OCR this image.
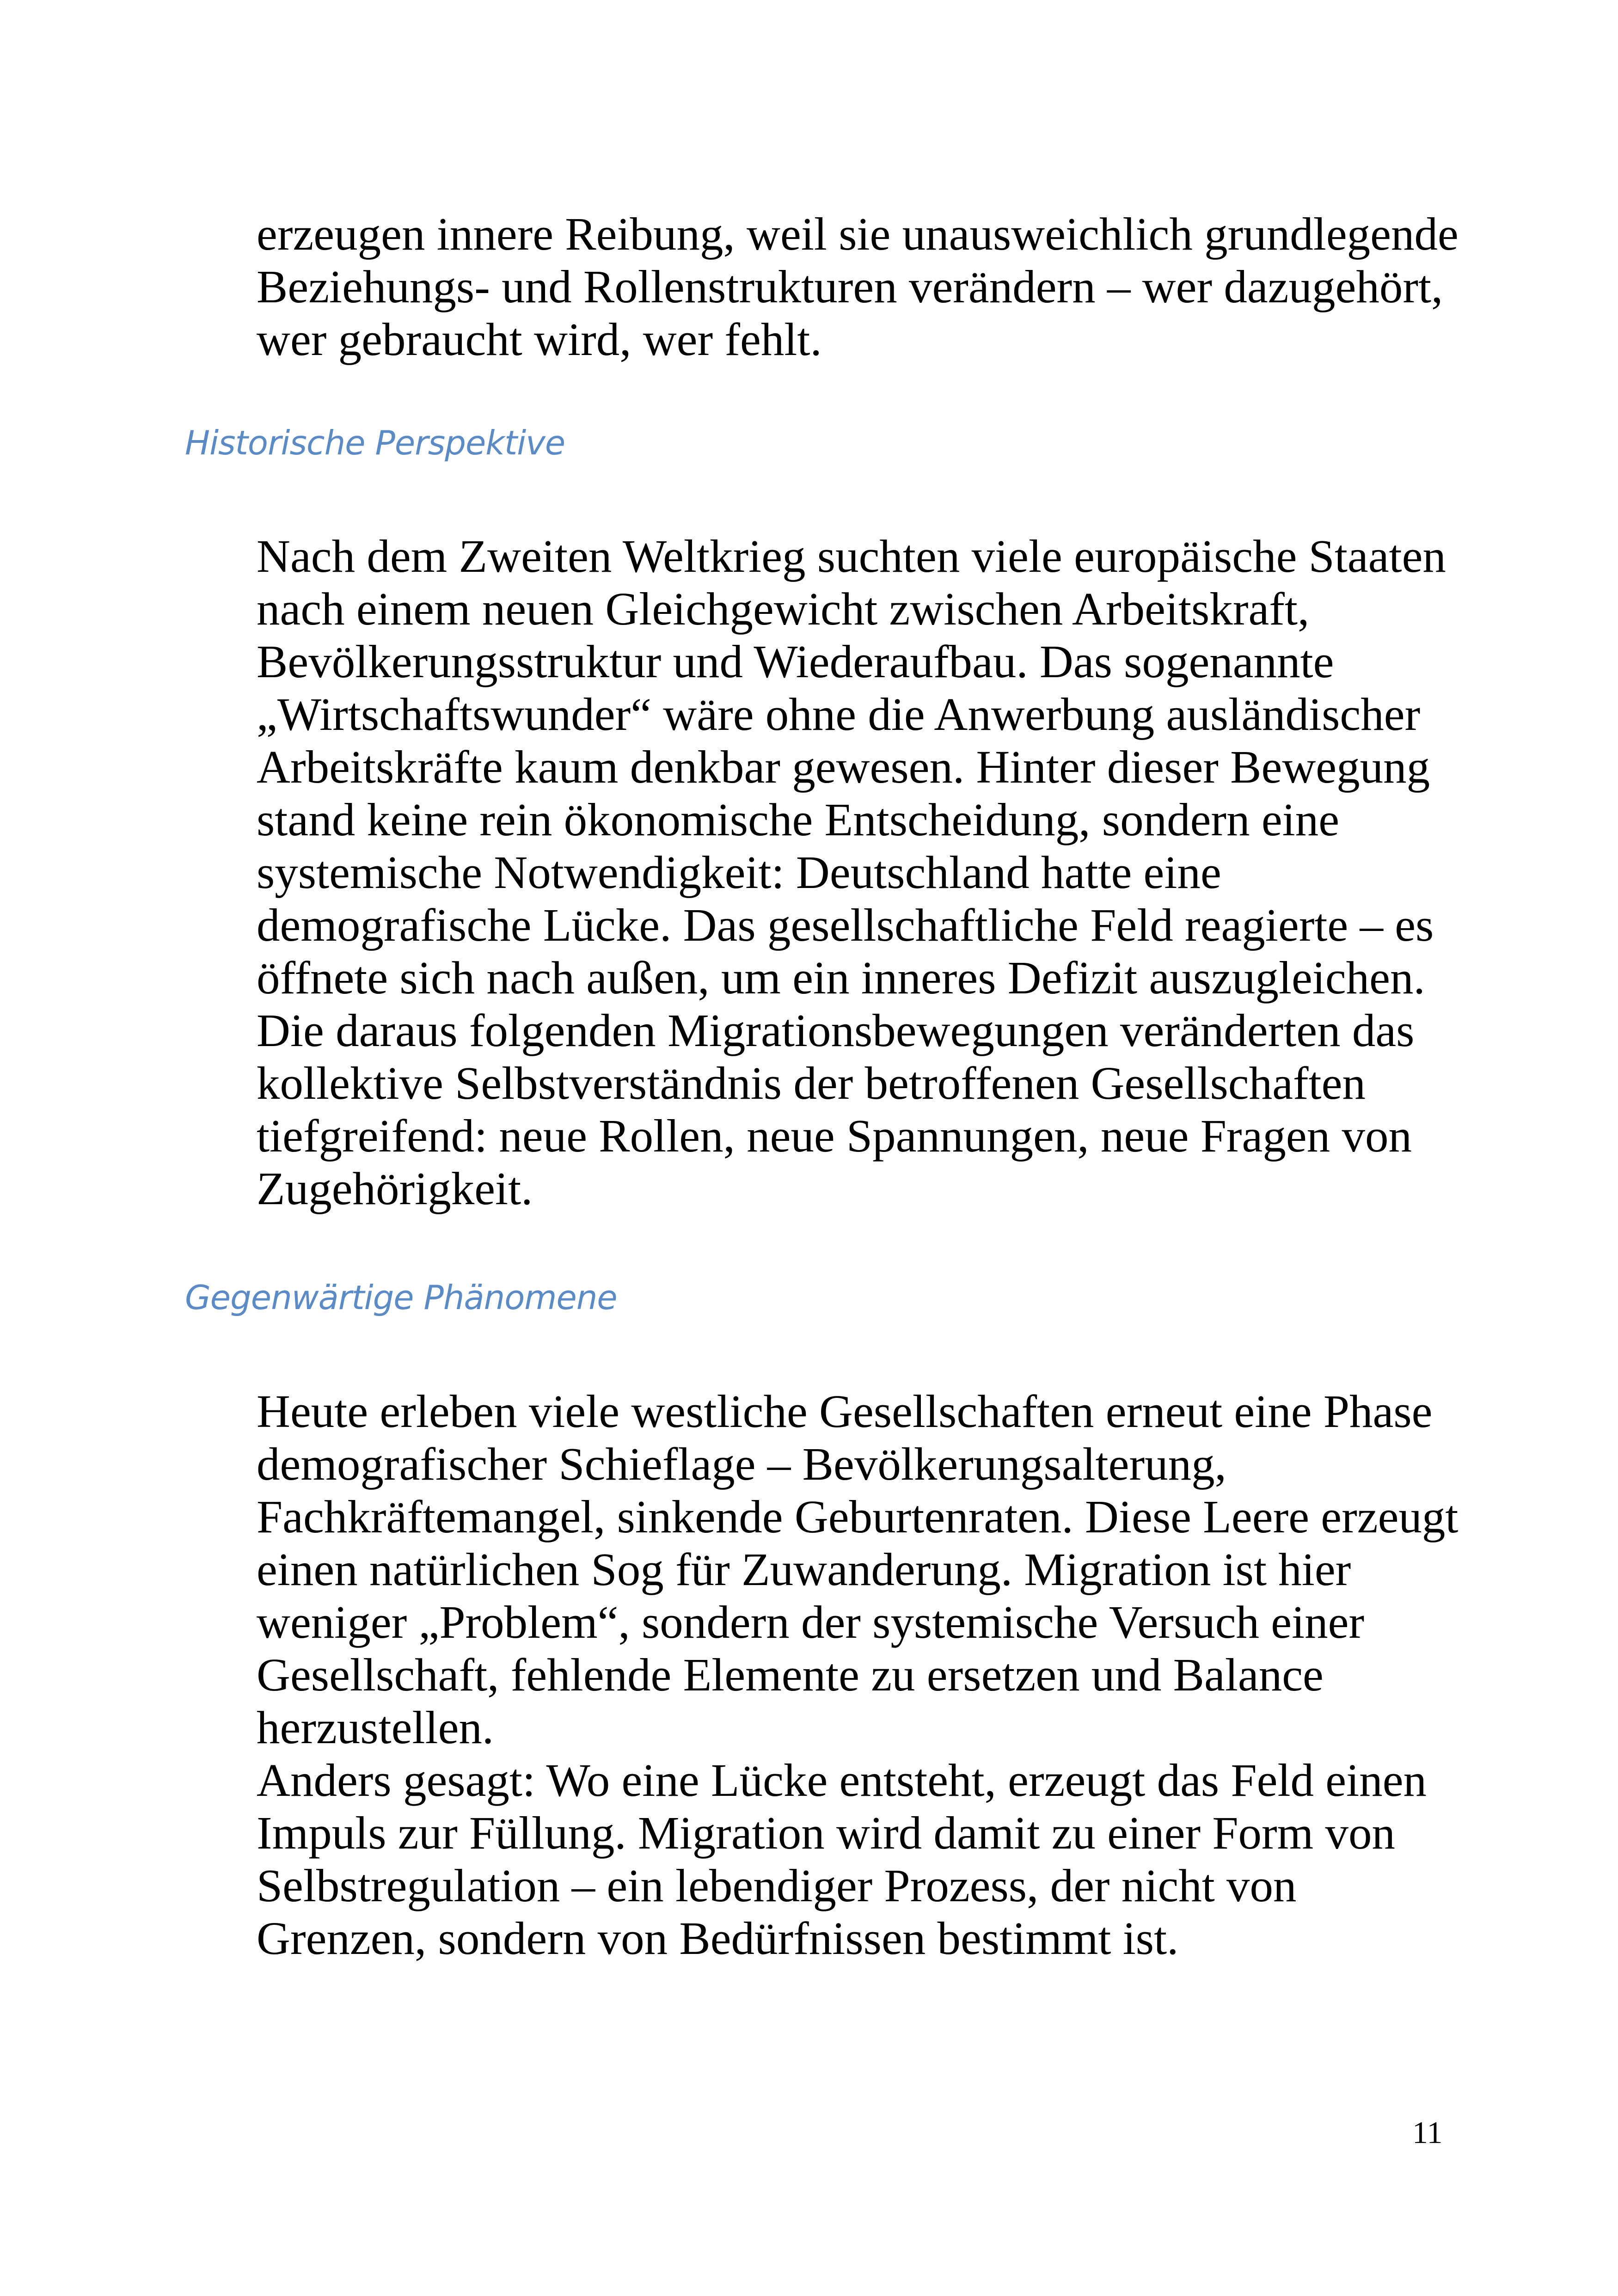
erzeugen innere Reibung, weil sie unausweichlich grundlegende
Beziehungs- und Rollenstrukturen verändern – wer dazugehört,
wer gebraucht wird, wer fehlt.
Historische Perspektive
Nach dem Zweiten Weltkrieg suchten viele europäische Staaten
nach einem neuen Gleichgewicht zwischen Arbeitskraft,
Bevölkerungsstruktur und Wiederaufbau. Das sogenannte
„Wirtschaftswunder“ wäre ohne die Anwerbung ausländischer
Arbeitskräfte kaum denkbar gewesen. Hinter dieser Bewegung
stand keine rein ökonomische Entscheidung, sondern eine
systemische Notwendigkeit: Deutschland hatte eine
demografische Lücke. Das gesellschaftliche Feld reagierte – es
öffnete sich nach außen, um ein inneres Defizit auszugleichen.
Die daraus folgenden Migrationsbewegungen veränderten das
kollektive Selbstverständnis der betroffenen Gesellschaften
tiefgreifend: neue Rollen, neue Spannungen, neue Fragen von
Zugehörigkeit.
Gegenwärtige Phänomene
Heute erleben viele westliche Gesellschaften erneut eine Phase
demografischer Schieflage – Bevölkerungsalterung,
Fachkräftemangel, sinkende Geburtenraten. Diese Leere erzeugt
einen natürlichen Sog für Zuwanderung. Migration ist hier
weniger „Problem“, sondern der systemische Versuch einer
Gesellschaft, fehlende Elemente zu ersetzen und Balance
herzustellen.
Anders gesagt: Wo eine Lücke entsteht, erzeugt das Feld einen
Impuls zur Füllung. Migration wird damit zu einer Form von
Selbstregulation – ein lebendiger Prozess, der nicht von
Grenzen, sondern von Bedürfnissen bestimmt ist.
11
